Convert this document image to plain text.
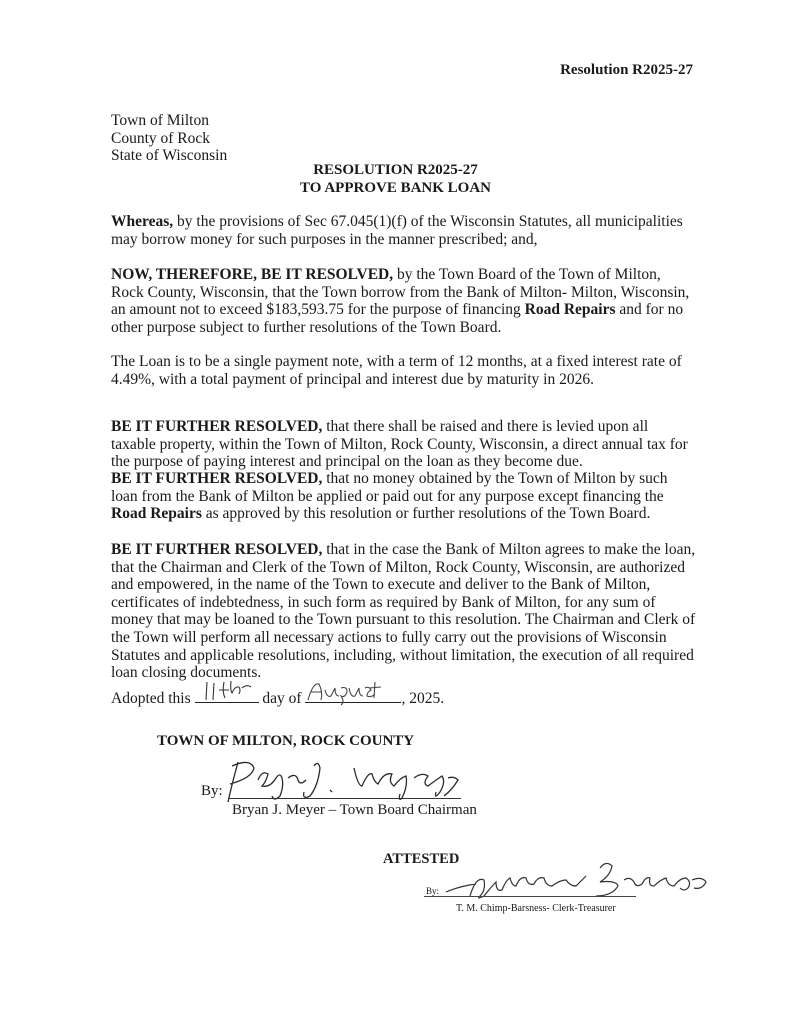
Resolution R2025-27
Town of Milton
County of Rock
State of Wisconsin
RESOLUTION R2025-27
TO APPROVE BANK LOAN
Whereas, by the provisions of Sec 67.045(1)(f) of the Wisconsin Statutes, all municipalities may borrow money for such purposes in the manner prescribed; and,
NOW, THEREFORE, BE IT RESOLVED, by the Town Board of the Town of Milton, Rock County, Wisconsin, that the Town borrow from the Bank of Milton- Milton, Wisconsin, an amount not to exceed $183,593.75 for the purpose of financing Road Repairs and for no other purpose subject to further resolutions of the Town Board.
The Loan is to be a single payment note, with a term of 12 months, at a fixed interest rate of 4.49%, with a total payment of principal and interest due by maturity in 2026.
BE IT FURTHER RESOLVED, that there shall be raised and there is levied upon all taxable property, within the Town of Milton, Rock County, Wisconsin, a direct annual tax for the purpose of paying interest and principal on the loan as they become due.
BE IT FURTHER RESOLVED, that no money obtained by the Town of Milton by such loan from the Bank of Milton be applied or paid out for any purpose except financing the Road Repairs as approved by this resolution or further resolutions of the Town Board.
BE IT FURTHER RESOLVED, that in the case the Bank of Milton agrees to make the loan, that the Chairman and Clerk of the Town of Milton, Rock County, Wisconsin, are authorized and empowered, in the name of the Town to execute and deliver to the Bank of Milton, certificates of indebtedness, in such form as required by Bank of Milton, for any sum of money that may be loaned to the Town pursuant to this resolution. The Chairman and Clerk of the Town will perform all necessary actions to fully carry out the provisions of Wisconsin Statutes and applicable resolutions, including, without limitation, the execution of all required loan closing documents.
Adopted this	day of	, 2025.
TOWN OF MILTON, ROCK COUNTY
By:
Bryan J. Meyer – Town Board Chairman
ATTESTED
By:
T. M. Chimp-Barsness- Clerk-Treasurer
